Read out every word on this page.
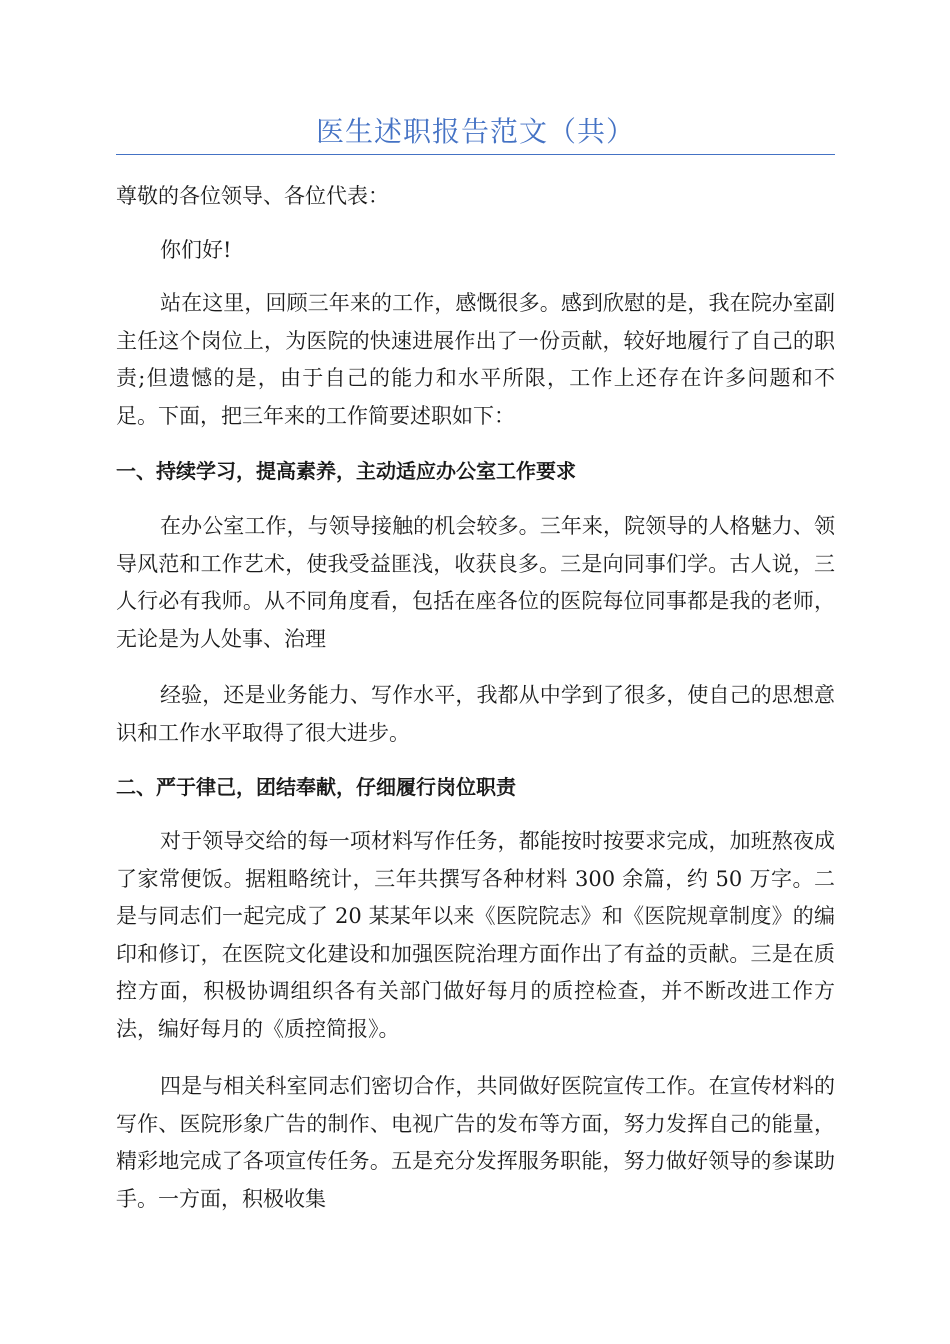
医生述职报告范文（共）

尊敬的各位领导、各位代表：

你们好!

站在这里，回顾三年来的工作，感慨很多。感到欣慰的是，我在院办室副主任这个岗位上，为医院的快速进展作出了一份贡献，较好地履行了自己的职责;但遗憾的是，由于自己的能力和水平所限，工作上还存在许多问题和不足。下面，把三年来的工作简要述职如下：

一、持续学习，提高素养，主动适应办公室工作要求

在办公室工作，与领导接触的机会较多。三年来，院领导的人格魅力、领导风范和工作艺术，使我受益匪浅，收获良多。三是向同事们学。古人说，三人行必有我师。从不同角度看，包括在座各位的医院每位同事都是我的老师，无论是为人处事、治理

经验，还是业务能力、写作水平，我都从中学到了很多，使自己的思想意识和工作水平取得了很大进步。

二、严于律己，团结奉献，仔细履行岗位职责

对于领导交给的每一项材料写作任务，都能按时按要求完成，加班熬夜成了家常便饭。据粗略统计，三年共撰写各种材料 300 余篇，约 50 万字。二是与同志们一起完成了 20 某某年以来《医院院志》和《医院规章制度》的编印和修订，在医院文化建设和加强医院治理方面作出了有益的贡献。三是在质控方面，积极协调组织各有关部门做好每月的质控检查，并不断改进工作方法，编好每月的《质控简报》。

四是与相关科室同志们密切合作，共同做好医院宣传工作。在宣传材料的写作、医院形象广告的制作、电视广告的发布等方面，努力发挥自己的能量，精彩地完成了各项宣传任务。五是充分发挥服务职能，努力做好领导的参谋助手。一方面，积极收集
